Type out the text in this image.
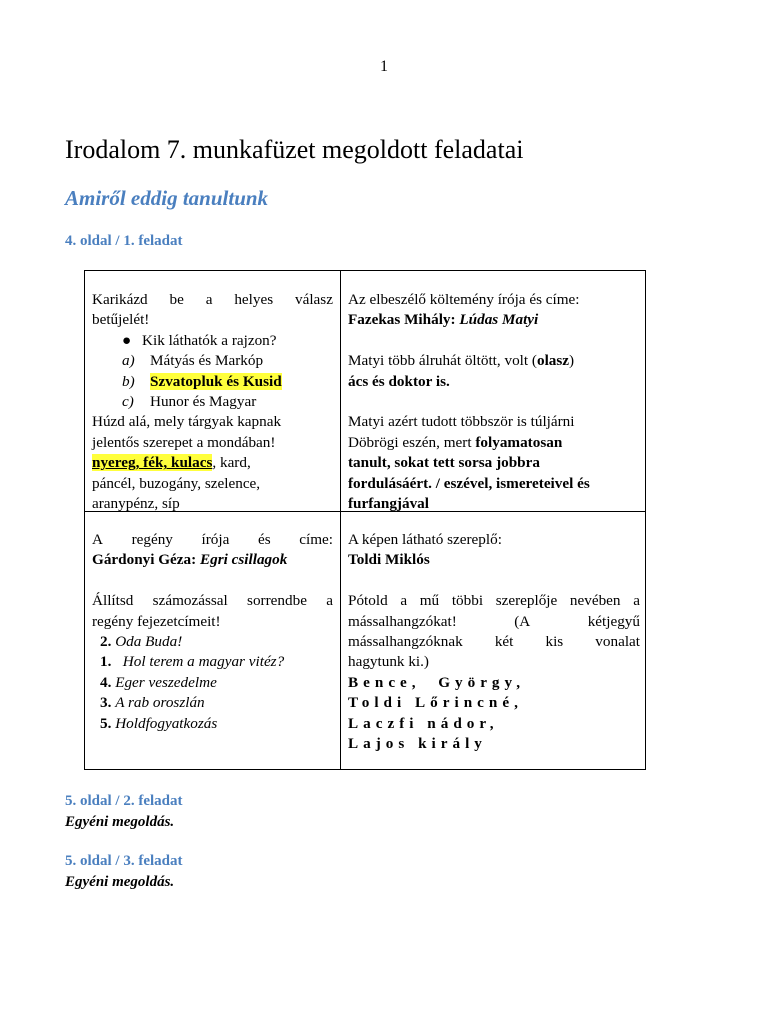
1
Irodalom 7. munkafüzet megoldott feladatai
Amiről eddig tanultunk
4. oldal / 1. feladat
Karikázd be a helyes válasz
betűjelét!
● Kik láthatók a rajzon?
a) Mátyás és Markóp
b) Szvatopluk és Kusid
c) Hunor és Magyar
Húzd alá, mely tárgyak kapnak
jelentős szerepet a mondában!
nyereg, fék, kulacs, kard,
páncél, buzogány, szelence,
aranypénz, síp
Az elbeszélő költemény írója és címe:
Fazekas Mihály: Lúdas Matyi
Matyi több álruhát öltött, volt (olasz)
ács és doktor is.
Matyi azért tudott többször is túljárni
Döbrögi eszén, mert folyamatosan
tanult, sokat tett sorsa jobbra
fordulásáért. / eszével, ismereteivel és
furfangjával
A regény írója és címe:
Gárdonyi Géza: Egri csillagok
Állítsd számozással sorrendbe a
regény fejezetcímeit!
2. Oda Buda!
1. Hol terem a magyar vitéz?
4. Eger veszedelme
3. A rab oroszlán
5. Holdfogyatkozás
A képen látható szereplő:
Toldi Miklós
Pótold a mű többi szereplője nevében a
mássalhangzókat!	(A	kétjegyű
mássalhangzóknak két kis vonalat
hagytunk ki.)
Bence,  György,
Toldi Lőrincné,
Laczfi nádor,
Lajos király
5. oldal / 2. feladat
Egyéni megoldás.
5. oldal / 3. feladat
Egyéni megoldás.
